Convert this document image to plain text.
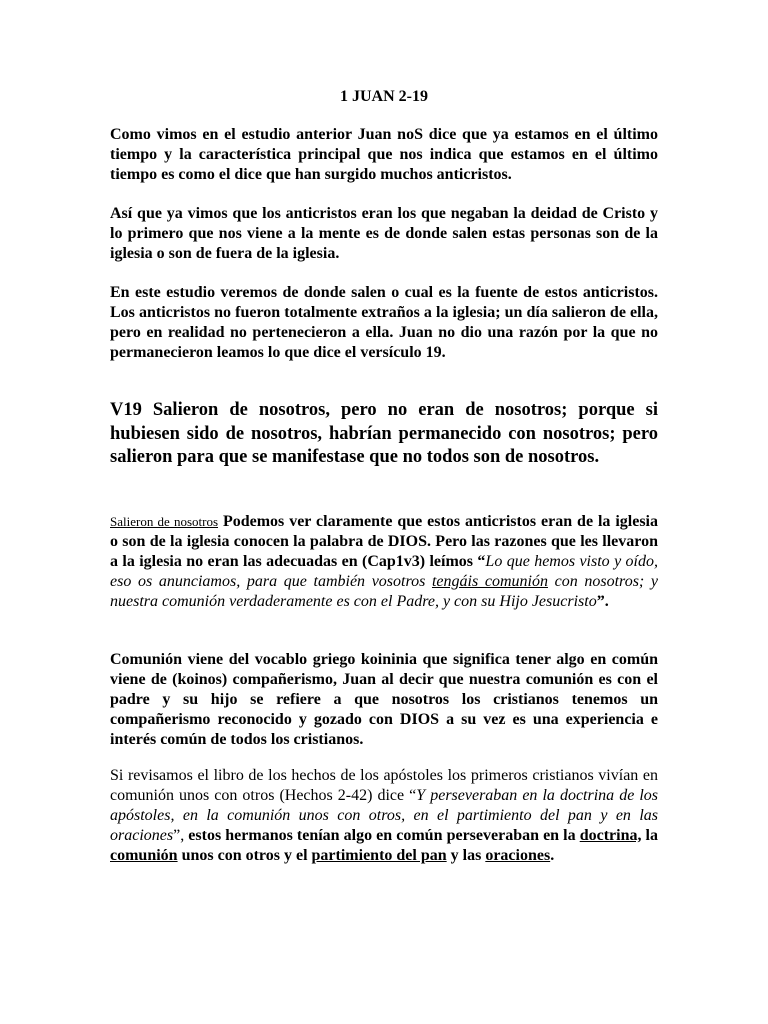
1 JUAN 2-19

Como vimos en el estudio anterior Juan noS dice que ya estamos en el último tiempo y la característica principal que nos indica que estamos en el último tiempo es como el dice que han surgido muchos anticristos.

Así que ya vimos que los anticristos eran los que negaban la deidad de Cristo y lo primero que nos viene a la mente es de donde salen estas personas son de la iglesia o son de fuera de la iglesia.

En este estudio veremos de donde salen o cual es la fuente de estos anticristos. Los anticristos no fueron totalmente extraños a la iglesia; un día salieron de ella, pero en realidad no pertenecieron a ella. Juan no dio una razón por la que no permanecieron leamos lo que dice el versículo 19.

V19 Salieron de nosotros, pero no eran de nosotros; porque si hubiesen sido de nosotros, habrían permanecido con nosotros; pero salieron para que se manifestase que no todos son de nosotros.

Salieron de nosotros Podemos ver claramente que estos anticristos eran de la iglesia o son de la iglesia conocen la palabra de DIOS. Pero las razones que les llevaron a la iglesia no eran las adecuadas en (Cap1v3) leímos “Lo que hemos visto y oído, eso os anunciamos, para que también vosotros tengáis comunión con nosotros; y nuestra comunión verdaderamente es con el Padre, y con su Hijo Jesucristo”.

Comunión viene del vocablo griego koininia que significa tener algo en común viene de (koinos) compañerismo, Juan al decir que nuestra comunión es con el padre y su hijo se refiere a que nosotros los cristianos tenemos un compañerismo reconocido y gozado con DIOS a su vez es una experiencia e interés común de todos los cristianos.

Si revisamos el libro de los hechos de los apóstoles los primeros cristianos vivían en comunión unos con otros (Hechos 2-42) dice “Y perseveraban en la doctrina de los apóstoles, en la comunión unos con otros, en el partimiento del pan y en las oraciones”, estos hermanos tenían algo en común perseveraban en la doctrina, la comunión unos con otros y el partimiento del pan y las oraciones.
